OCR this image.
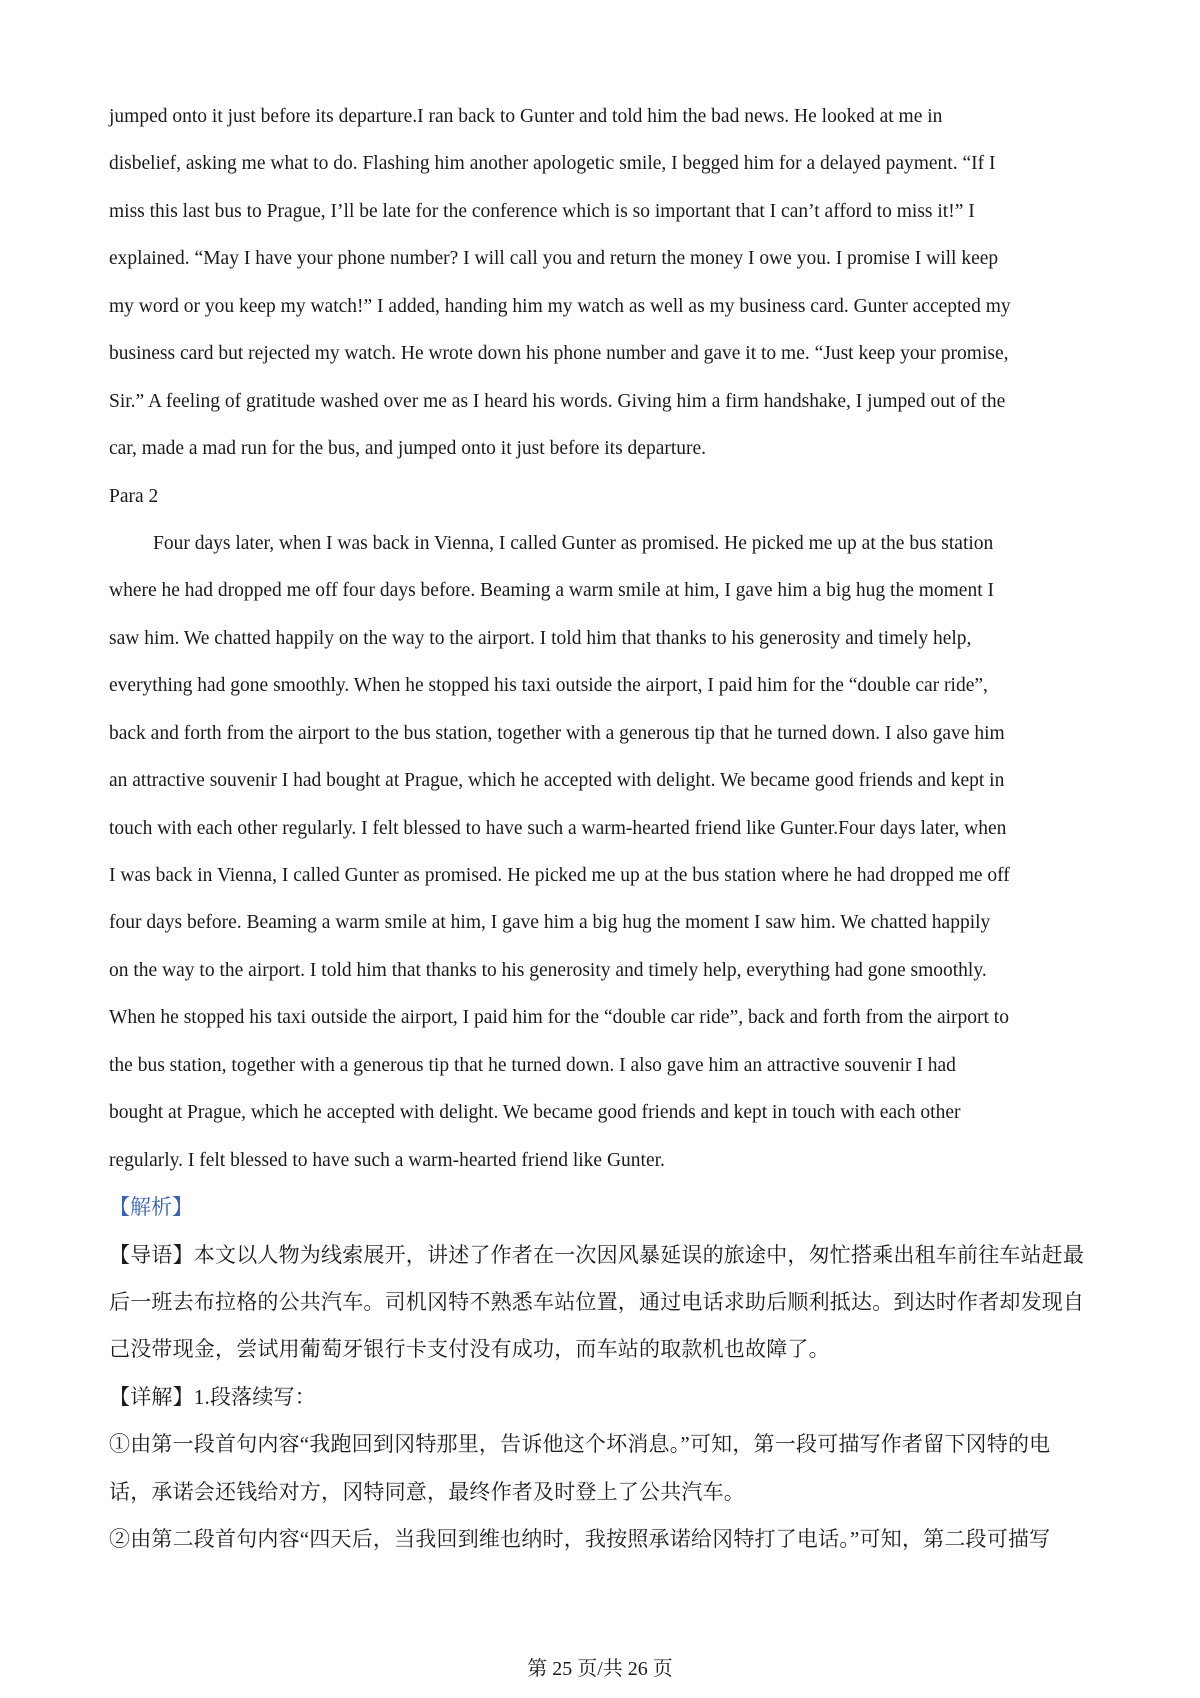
jumped onto it just before its departure.I ran back to Gunter and told him the bad news. He looked at me in
disbelief, asking me what to do. Flashing him another apologetic smile, I begged him for a delayed payment. “If I
miss this last bus to Prague, I’ll be late for the conference which is so important that I can’t afford to miss it!” I
explained. “May I have your phone number? I will call you and return the money I owe you. I promise I will keep
my word or you keep my watch!” I added, handing him my watch as well as my business card. Gunter accepted my
business card but rejected my watch. He wrote down his phone number and gave it to me. “Just keep your promise,
Sir.” A feeling of gratitude washed over me as I heard his words. Giving him a firm handshake, I jumped out of the
car, made a mad run for the bus, and jumped onto it just before its departure.
Para 2
Four days later, when I was back in Vienna, I called Gunter as promised. He picked me up at the bus station
where he had dropped me off four days before. Beaming a warm smile at him, I gave him a big hug the moment I
saw him. We chatted happily on the way to the airport. I told him that thanks to his generosity and timely help,
everything had gone smoothly. When he stopped his taxi outside the airport, I paid him for the “double car ride”,
back and forth from the airport to the bus station, together with a generous tip that he turned down. I also gave him
an attractive souvenir I had bought at Prague, which he accepted with delight. We became good friends and kept in
touch with each other regularly. I felt blessed to have such a warm-hearted friend like Gunter.Four days later, when
I was back in Vienna, I called Gunter as promised. He picked me up at the bus station where he had dropped me off
four days before. Beaming a warm smile at him, I gave him a big hug the moment I saw him. We chatted happily
on the way to the airport. I told him that thanks to his generosity and timely help, everything had gone smoothly.
When he stopped his taxi outside the airport, I paid him for the “double car ride”, back and forth from the airport to
the bus station, together with a generous tip that he turned down. I also gave him an attractive souvenir I had
bought at Prague, which he accepted with delight. We became good friends and kept in touch with each other
regularly. I felt blessed to have such a warm-hearted friend like Gunter.
【解析】
【导语】本文以人物为线索展开，讲述了作者在一次因风暴延误的旅途中，匆忙搭乘出租车前往车站赶最
后一班去布拉格的公共汽车。司机冈特不熟悉车站位置，通过电话求助后顺利抵达。到达时作者却发现自
己没带现金，尝试用葡萄牙银行卡支付没有成功，而车站的取款机也故障了。
【详解】1.段落续写：
①由第一段首句内容“我跑回到冈特那里，告诉他这个坏消息。”可知，第一段可描写作者留下冈特的电
话，承诺会还钱给对方，冈特同意，最终作者及时登上了公共汽车。
②由第二段首句内容“四天后，当我回到维也纳时，我按照承诺给冈特打了电话。”可知，第二段可描写
第 25 页/共 26 页
